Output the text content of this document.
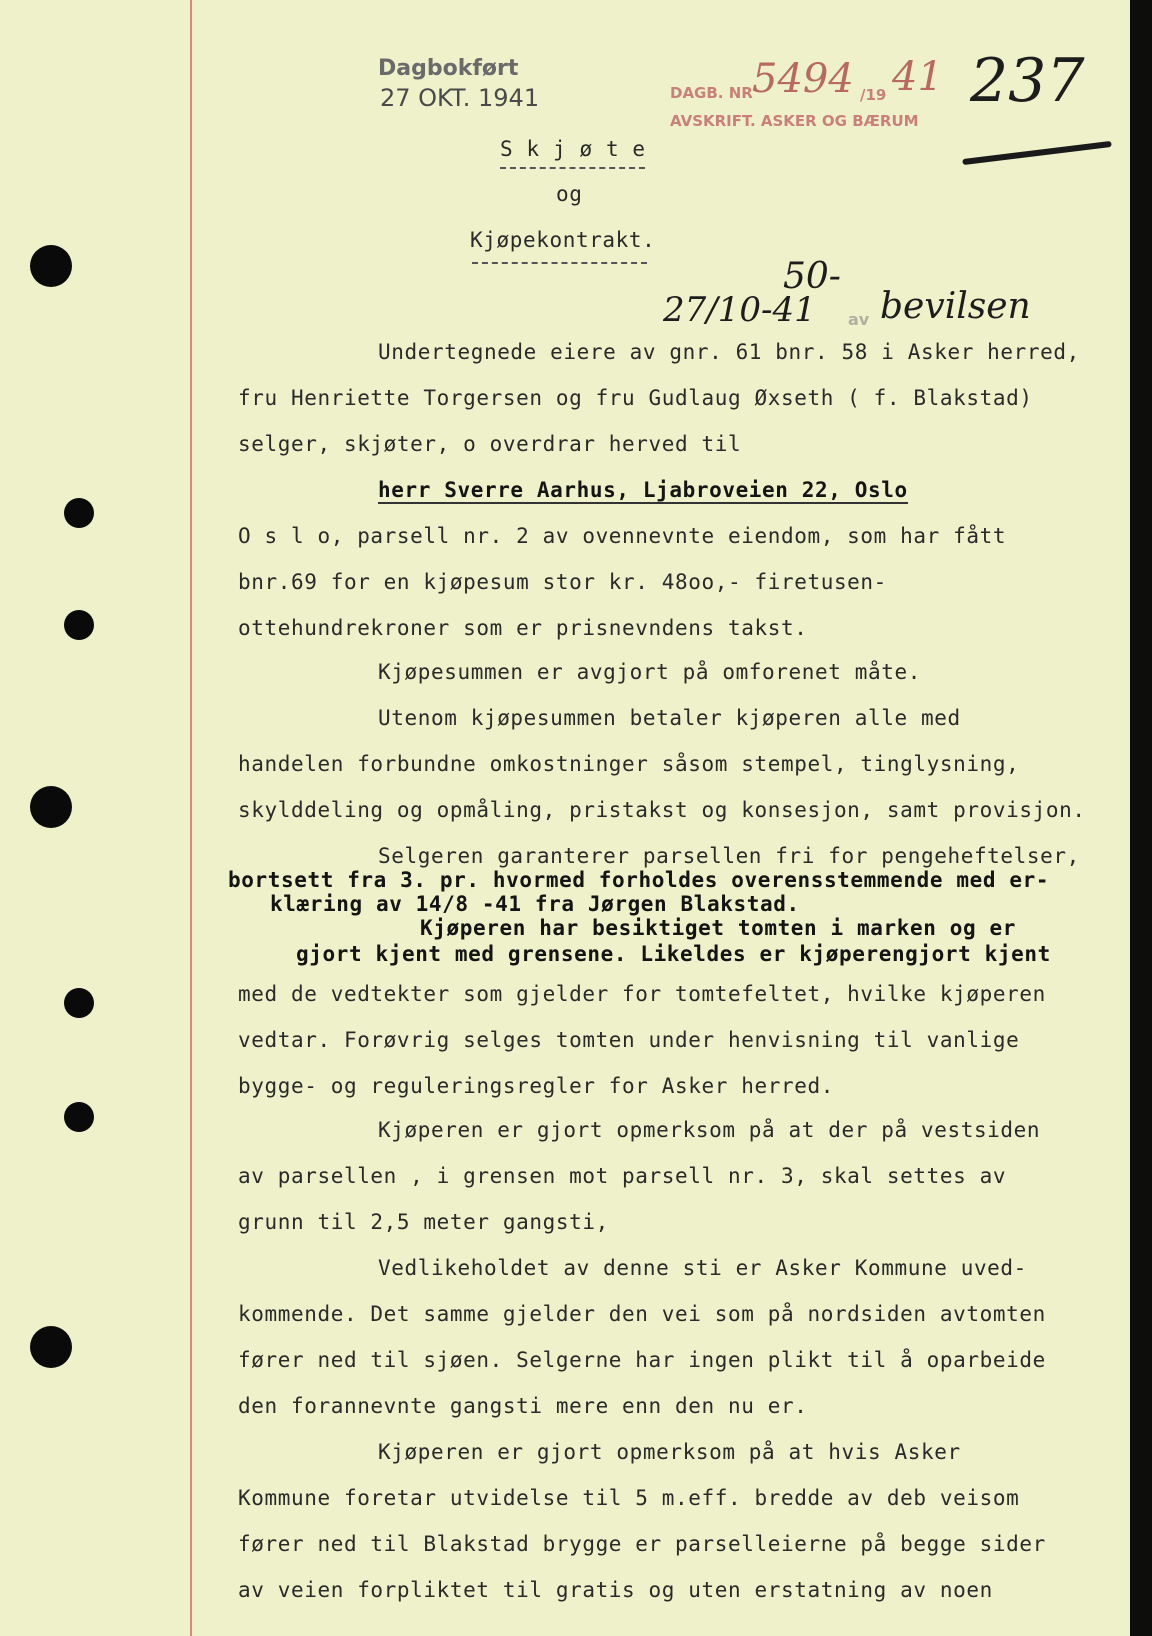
Dagbokført
27 OKT. 1941	DAGB. NR 5494 /19 41
AVSKRIFT. ASKER OG BÆRUM
237
S k j ø t e
og
Kjøpekontrakt.
50-
27/10-41 av bevilsen
Undertegnede eiere av gnr. 61 bnr. 58 i Asker herred,
fru Henriette Torgersen og fru Gudlaug Øxseth ( f. Blakstad)
selger, skjøter, o overdrar herved til
herr Sverre Aarhus, Ljabroveien 22, Oslo
O s l o, parsell nr. 2 av ovennevnte eiendom, som har fått
bnr.69 for en kjøpesum stor kr. 48oo,- firetusen-
ottehundrekroner som er prisnevndens takst.
Kjøpesummen er avgjort på omforenet måte.
Utenom kjøpesummen betaler kjøperen alle med
handelen forbundne omkostninger såsom stempel, tinglysning,
skylddeling og opmåling, pristakst og konsesjon, samt provisjon.
Selgeren garanterer parsellen fri for pengeheftelser,
bortsett fra 3. pr. hvormed forholdes overensstemmende med er-
klæring av 14/8 -41 fra Jørgen Blakstad.
Kjøperen har besiktiget tomten i marken og er
gjort kjent med grensene. Likeldes er kjøperengjort kjent
med de vedtekter som gjelder for tomtefeltet, hvilke kjøperen
vedtar. Forøvrig selges tomten under henvisning til vanlige
bygge- og reguleringsregler for Asker herred.
Kjøperen er gjort opmerksom på at der på vestsiden
av parsellen , i grensen mot parsell nr. 3, skal settes av
grunn til 2,5 meter gangsti,
Vedlikeholdet av denne sti er Asker Kommune uved-
kommende. Det samme gjelder den vei som på nordsiden avtomten
fører ned til sjøen. Selgerne har ingen plikt til å oparbeide
den forannevnte gangsti mere enn den nu er.
Kjøperen er gjort opmerksom på at hvis Asker
Kommune foretar utvidelse til 5 m.eff. bredde av deb veisom
fører ned til Blakstad brygge er parselleierne på begge sider
av veien forpliktet til gratis og uten erstatning av noen
